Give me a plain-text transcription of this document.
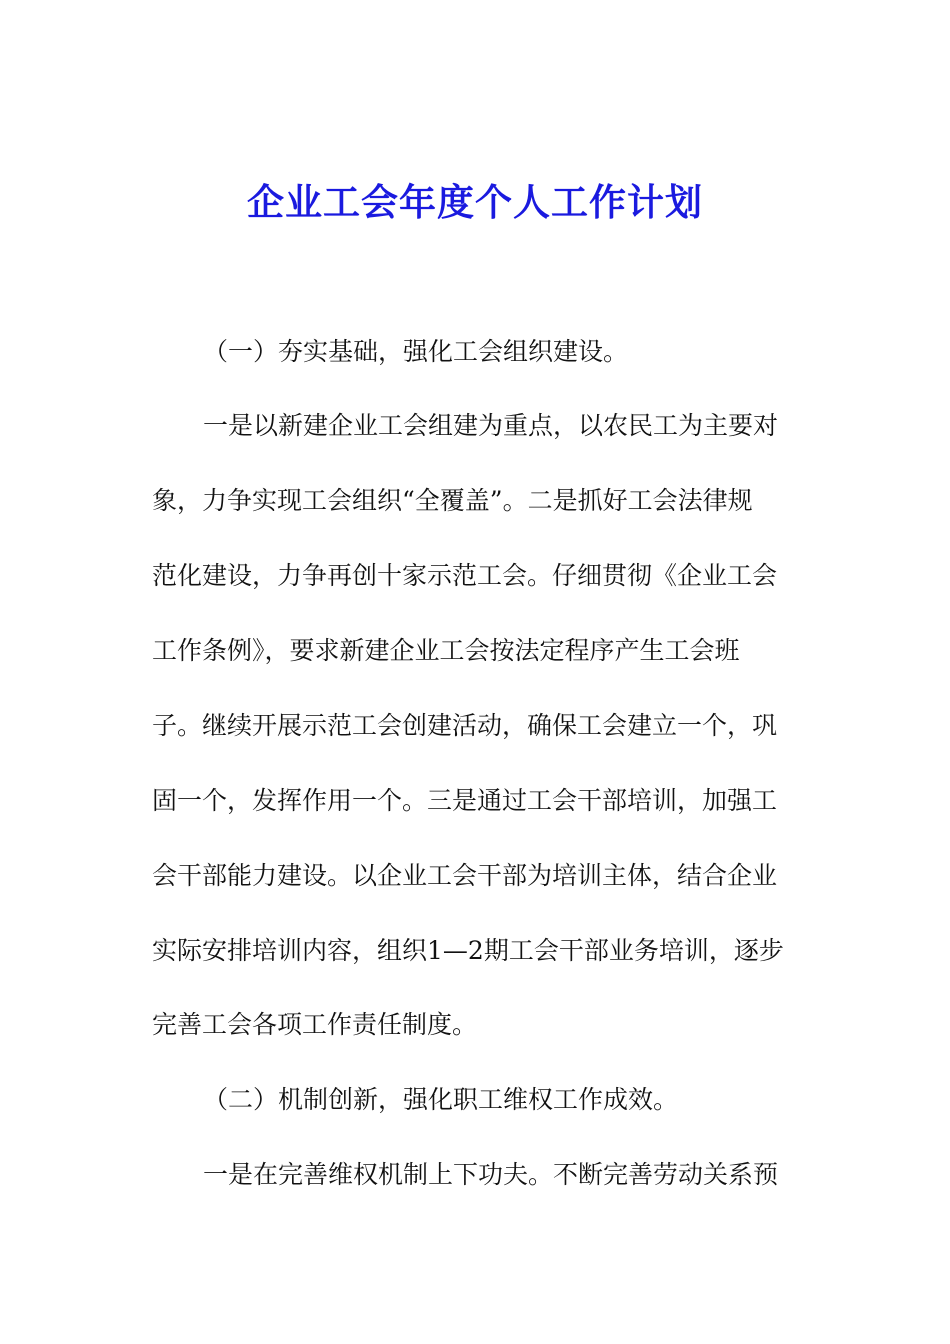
企业工会年度个人工作计划
（一）夯实基础，强化工会组织建设。
一是以新建企业工会组建为重点，以农民工为主要对
象，力争实现工会组织“全覆盖”。二是抓好工会法律规
范化建设，力争再创十家示范工会。仔细贯彻《企业工会
工作条例》，要求新建企业工会按法定程序产生工会班
子。继续开展示范工会创建活动，确保工会建立一个，巩
固一个，发挥作用一个。三是通过工会干部培训，加强工
会干部能力建设。以企业工会干部为培训主体，结合企业
实际安排培训内容，组织1—2期工会干部业务培训，逐步
完善工会各项工作责任制度。
（二）机制创新，强化职工维权工作成效。
一是在完善维权机制上下功夫。不断完善劳动关系预
